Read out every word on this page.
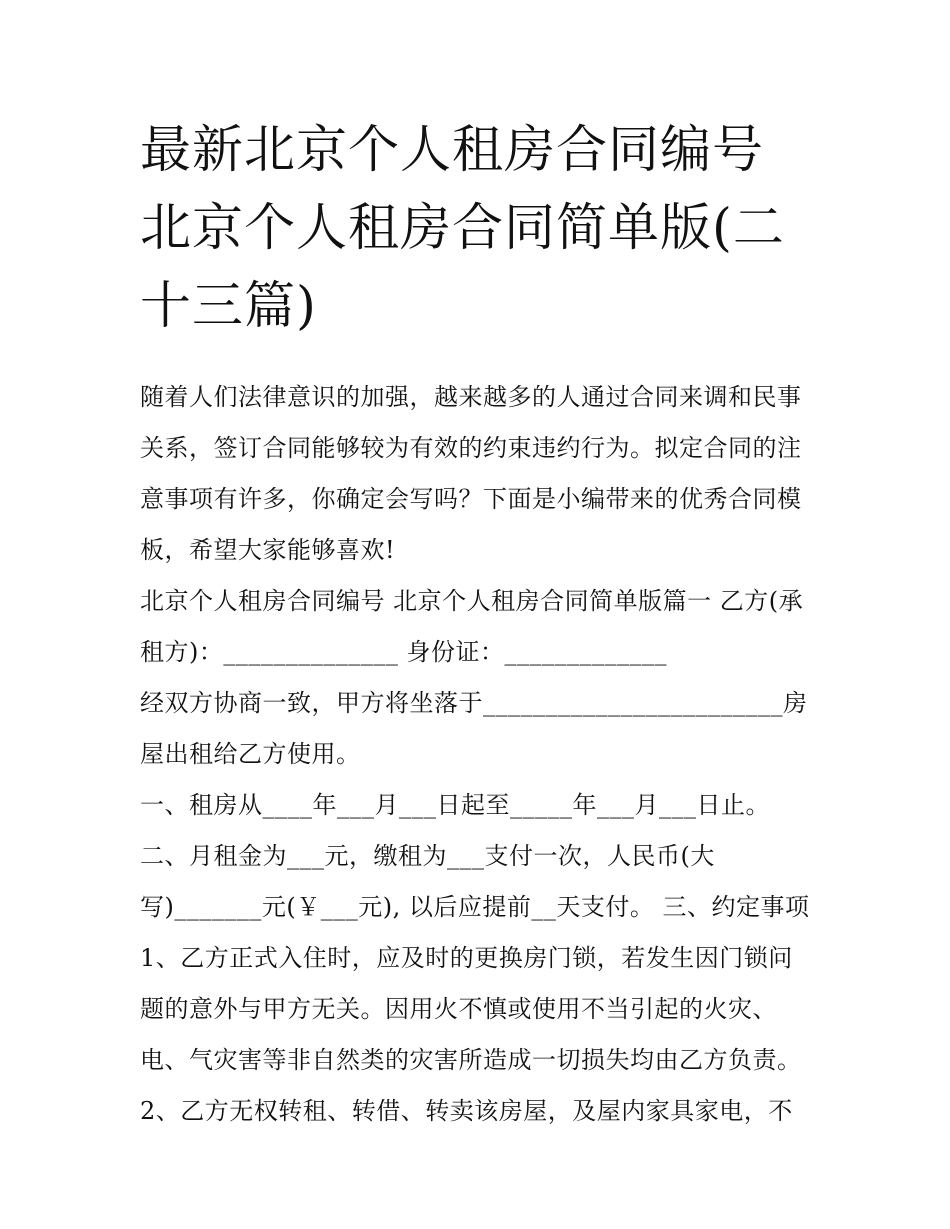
最新北京个人租房合同编号 北京个人租房合同简单版(二十三篇)
随着人们法律意识的加强，越来越多的人通过合同来调和民事
关系，签订合同能够较为有效的约束违约行为。拟定合同的注
意事项有许多，你确定会写吗？下面是小编带来的优秀合同模
板，希望大家能够喜欢!
北京个人租房合同编号 北京个人租房合同简单版篇一 乙方(承
租方)：______________ 身份证：_____________
经双方协商一致，甲方将坐落于________________________房
屋出租给乙方使用。
一、租房从____年___月___日起至_____年___月___日止。
二、月租金为___元，缴租为___支付一次，人民币(大
写)_______元(￥___元), 以后应提前__天支付。 三、约定事项
1、乙方正式入住时，应及时的更换房门锁，若发生因门锁问
题的意外与甲方无关。因用火不慎或使用不当引起的火灾、
电、气灾害等非自然类的灾害所造成一切损失均由乙方负责。
2、乙方无权转租、转借、转卖该房屋，及屋内家具家电，不
